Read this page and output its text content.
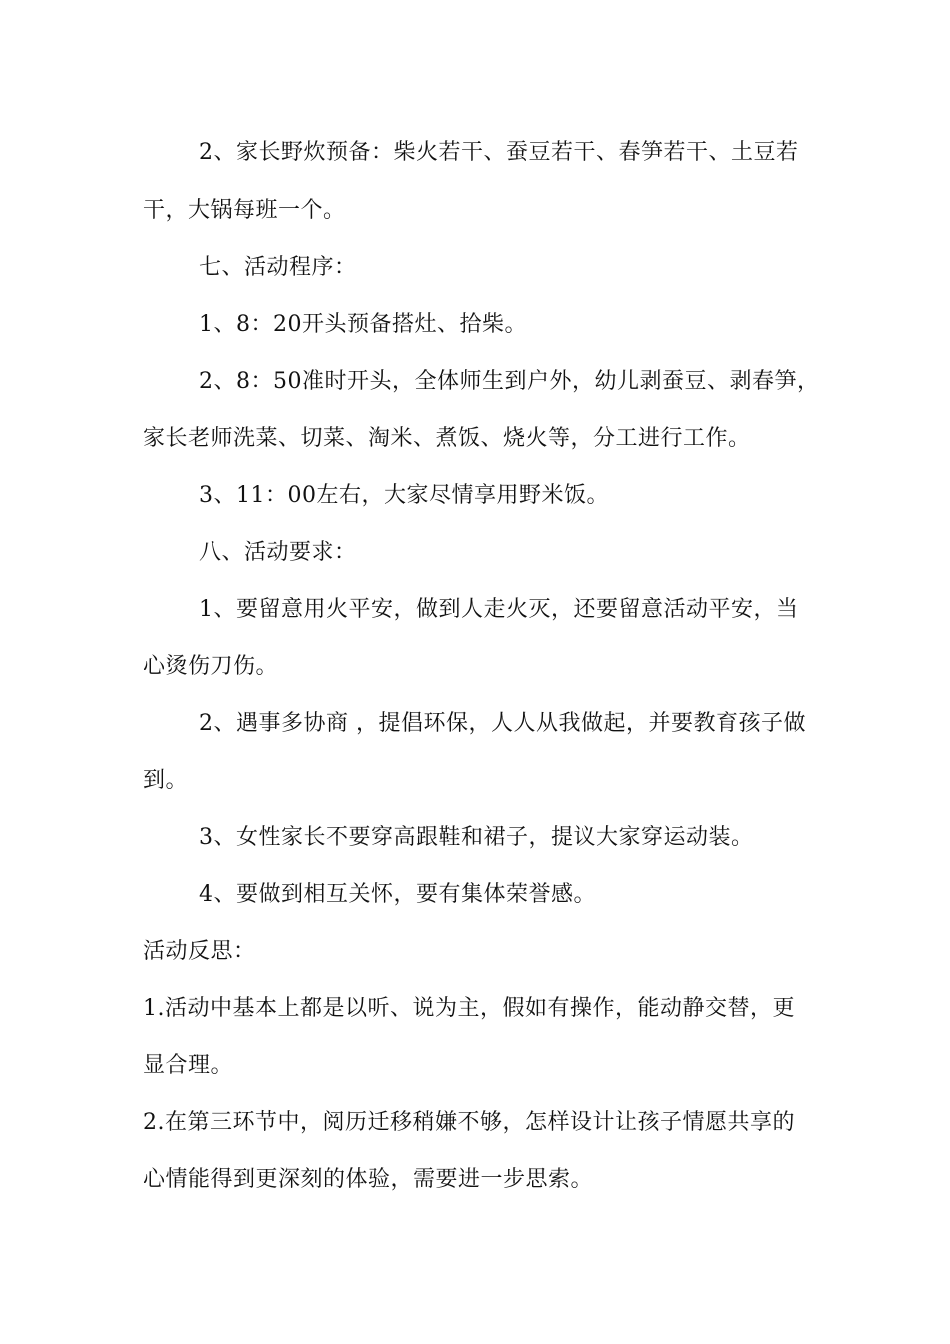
2、家长野炊预备：柴火若干、蚕豆若干、春笋若干、土豆若
干，大锅每班一个。
七、活动程序：
1、8：20开头预备搭灶、拾柴。
2、8：50准时开头，全体师生到户外，幼儿剥蚕豆、剥春笋，
家长老师洗菜、切菜、淘米、煮饭、烧火等，分工进行工作。
3、11：00左右，大家尽情享用野米饭。
八、活动要求：
1、要留意用火平安，做到人走火灭，还要留意活动平安，当
心烫伤刀伤。
2、遇事多协商 ，提倡环保，人人从我做起，并要教育孩子做
到。
3、女性家长不要穿高跟鞋和裙子，提议大家穿运动装。
4、要做到相互关怀，要有集体荣誉感。
活动反思：
1.活动中基本上都是以听、说为主，假如有操作，能动静交替，更
显合理。
2.在第三环节中，阅历迁移稍嫌不够，怎样设计让孩子情愿共享的
心情能得到更深刻的体验，需要进一步思索。
